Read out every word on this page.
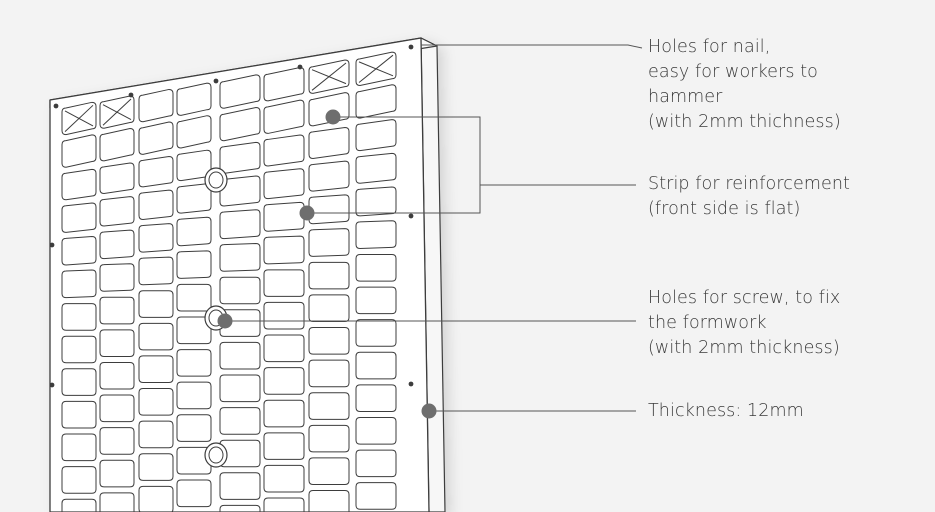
Holes for nail,
easy for workers to
hammer
(with 2mm thichness)
Strip for reinforcement
(front side is flat)
Holes for screw, to fix
the formwork
(with 2mm thickness)
Thickness: 12mm
